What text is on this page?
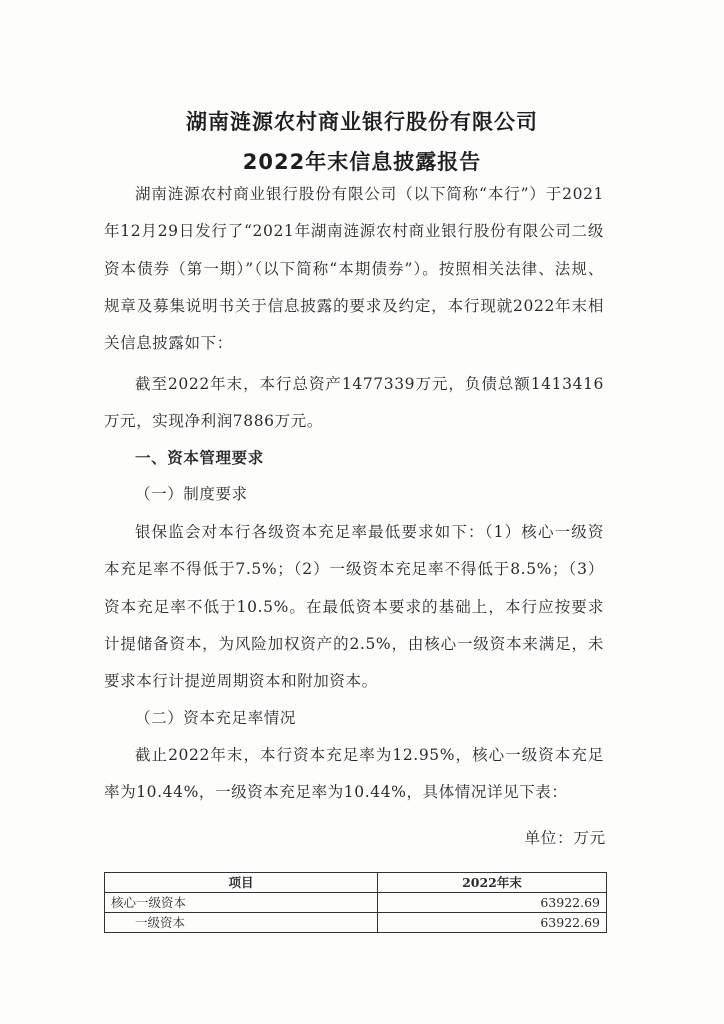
湖南涟源农村商业银行股份有限公司
2022年末信息披露报告

湖南涟源农村商业银行股份有限公司（以下简称“本行”）于2021年12月29日发行了“2021年湖南涟源农村商业银行股份有限公司二级资本债券（第一期）”（以下简称“本期债券”）。按照相关法律、法规、规章及募集说明书关于信息披露的要求及约定，本行现就2022年末相关信息披露如下：

截至2022年末，本行总资产1477339万元，负债总额1413416万元，实现净利润7886万元。

一、资本管理要求

（一）制度要求

银保监会对本行各级资本充足率最低要求如下：（1）核心一级资本充足率不得低于7.5%；（2）一级资本充足率不得低于8.5%；（3）资本充足率不低于10.5%。在最低资本要求的基础上，本行应按要求计提储备资本，为风险加权资产的2.5%，由核心一级资本来满足，未要求本行计提逆周期资本和附加资本。

（二）资本充足率情况

截止2022年末，本行资本充足率为12.95%，核心一级资本充足率为10.44%，一级资本充足率为10.44%，具体情况详见下表：

单位：万元
项目	2022年末
核心一级资本	63922.69
一级资本	63922.69
